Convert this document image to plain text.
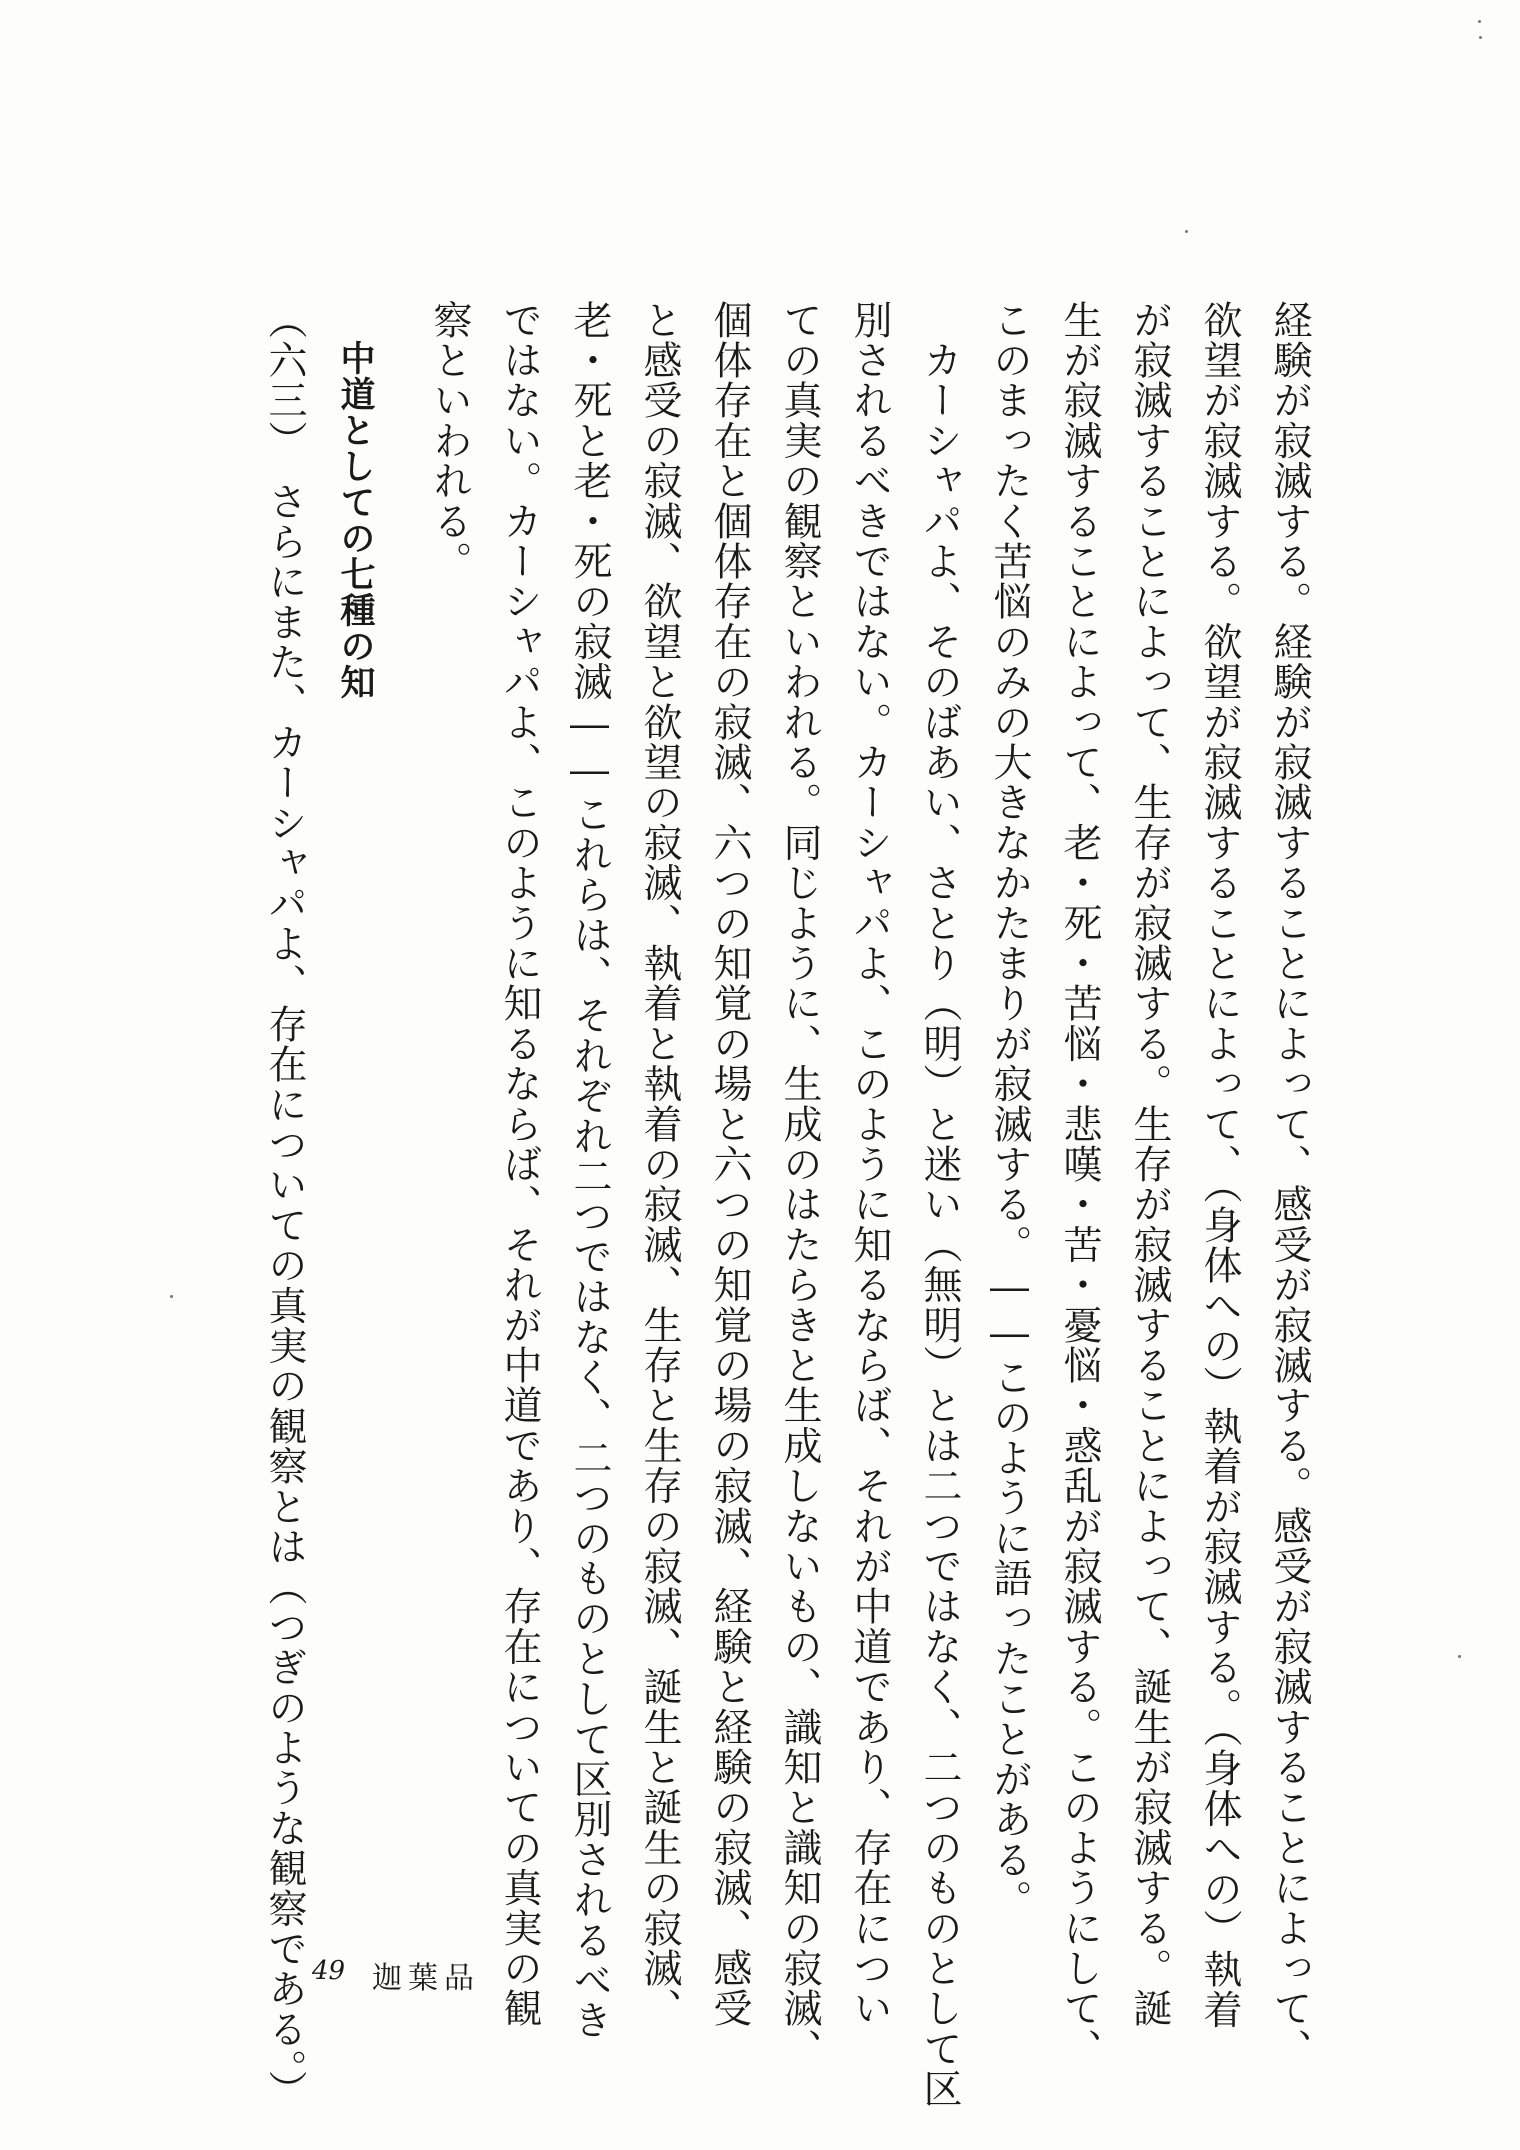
経験が寂滅する。経験が寂滅することによって、感受が寂滅する。感受が寂滅することによって、
欲望が寂滅する。欲望が寂滅することによって、（身体への）執着が寂滅する。（身体への）執着
が寂滅することによって、生存が寂滅する。生存が寂滅することによって、誕生が寂滅する。誕
生が寂滅することによって、老・死・苦悩・悲嘆・苦・憂悩・惑乱が寂滅する。このようにして、
このまったく苦悩のみの大きなかたまりが寂滅する。――このように語ったことがある。
　カーシャパよ、そのばあい、さとり（明）と迷い（無明）とは二つではなく、二つのものとして区
別されるべきではない。カーシャパよ、このように知るならば、それが中道であり、存在につい
ての真実の観察といわれる。同じように、生成のはたらきと生成しないもの、識知と識知の寂滅、
個体存在と個体存在の寂滅、六つの知覚の場と六つの知覚の場の寂滅、経験と経験の寂滅、感受
と感受の寂滅、欲望と欲望の寂滅、執着と執着の寂滅、生存と生存の寂滅、誕生と誕生の寂滅、
老・死と老・死の寂滅――これらは、それぞれ二つではなく、二つのものとして区別されるべき
ではない。カーシャパよ、このように知るならば、それが中道であり、存在についての真実の観
察といわれる。
中道としての七種の知
（六三）　さらにまた、カーシャパよ、存在についての真実の観察とは（つぎのような観察である。） 49 迦葉品
